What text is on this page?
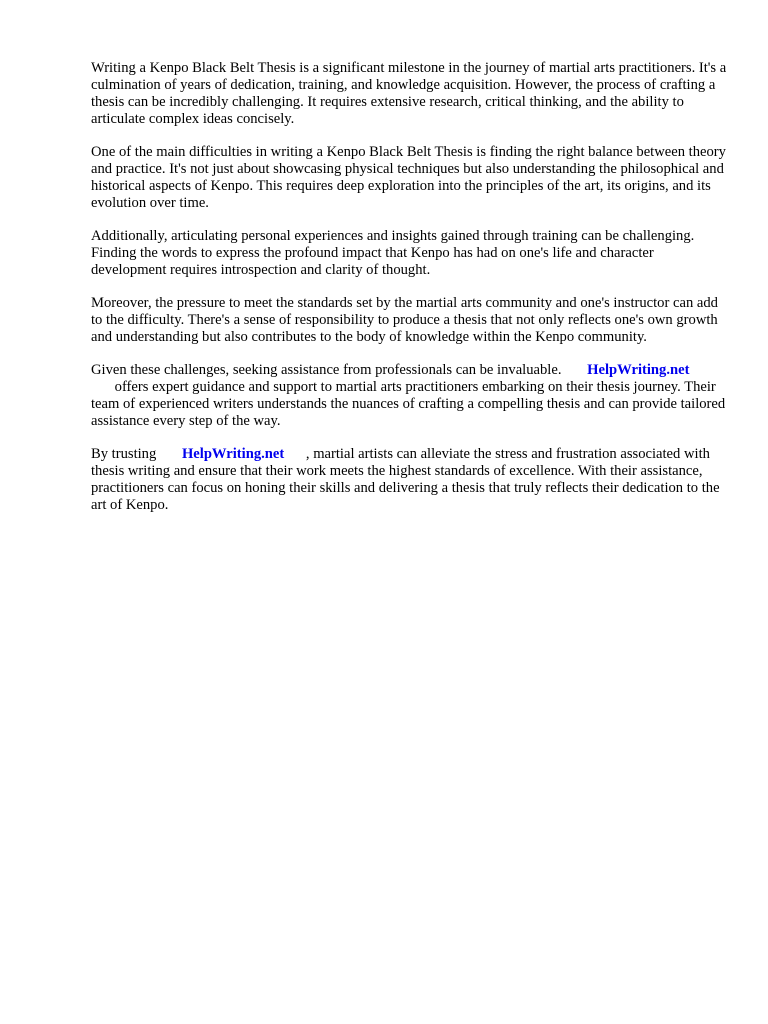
Writing a Kenpo Black Belt Thesis is a significant milestone in the journey of martial arts practitioners. It's a culmination of years of dedication, training, and knowledge acquisition. However, the process of crafting a thesis can be incredibly challenging. It requires extensive research, critical thinking, and the ability to articulate complex ideas concisely.

One of the main difficulties in writing a Kenpo Black Belt Thesis is finding the right balance between theory and practice. It's not just about showcasing physical techniques but also understanding the philosophical and historical aspects of Kenpo. This requires deep exploration into the principles of the art, its origins, and its evolution over time.

Additionally, articulating personal experiences and insights gained through training can be challenging. Finding the words to express the profound impact that Kenpo has had on one's life and character development requires introspection and clarity of thought.

Moreover, the pressure to meet the standards set by the martial arts community and one's instructor can add to the difficulty. There's a sense of responsibility to produce a thesis that not only reflects one's own growth and understanding but also contributes to the body of knowledge within the Kenpo community.

Given these challenges, seeking assistance from professionals can be invaluable. HelpWriting.net
offers expert guidance and support to martial arts practitioners embarking on their thesis journey. Their team of experienced writers understands the nuances of crafting a compelling thesis and can provide tailored assistance every step of the way.

By trusting HelpWriting.net , martial artists can alleviate the stress and frustration associated with thesis writing and ensure that their work meets the highest standards of excellence. With their assistance, practitioners can focus on honing their skills and delivering a thesis that truly reflects their dedication to the art of Kenpo.
